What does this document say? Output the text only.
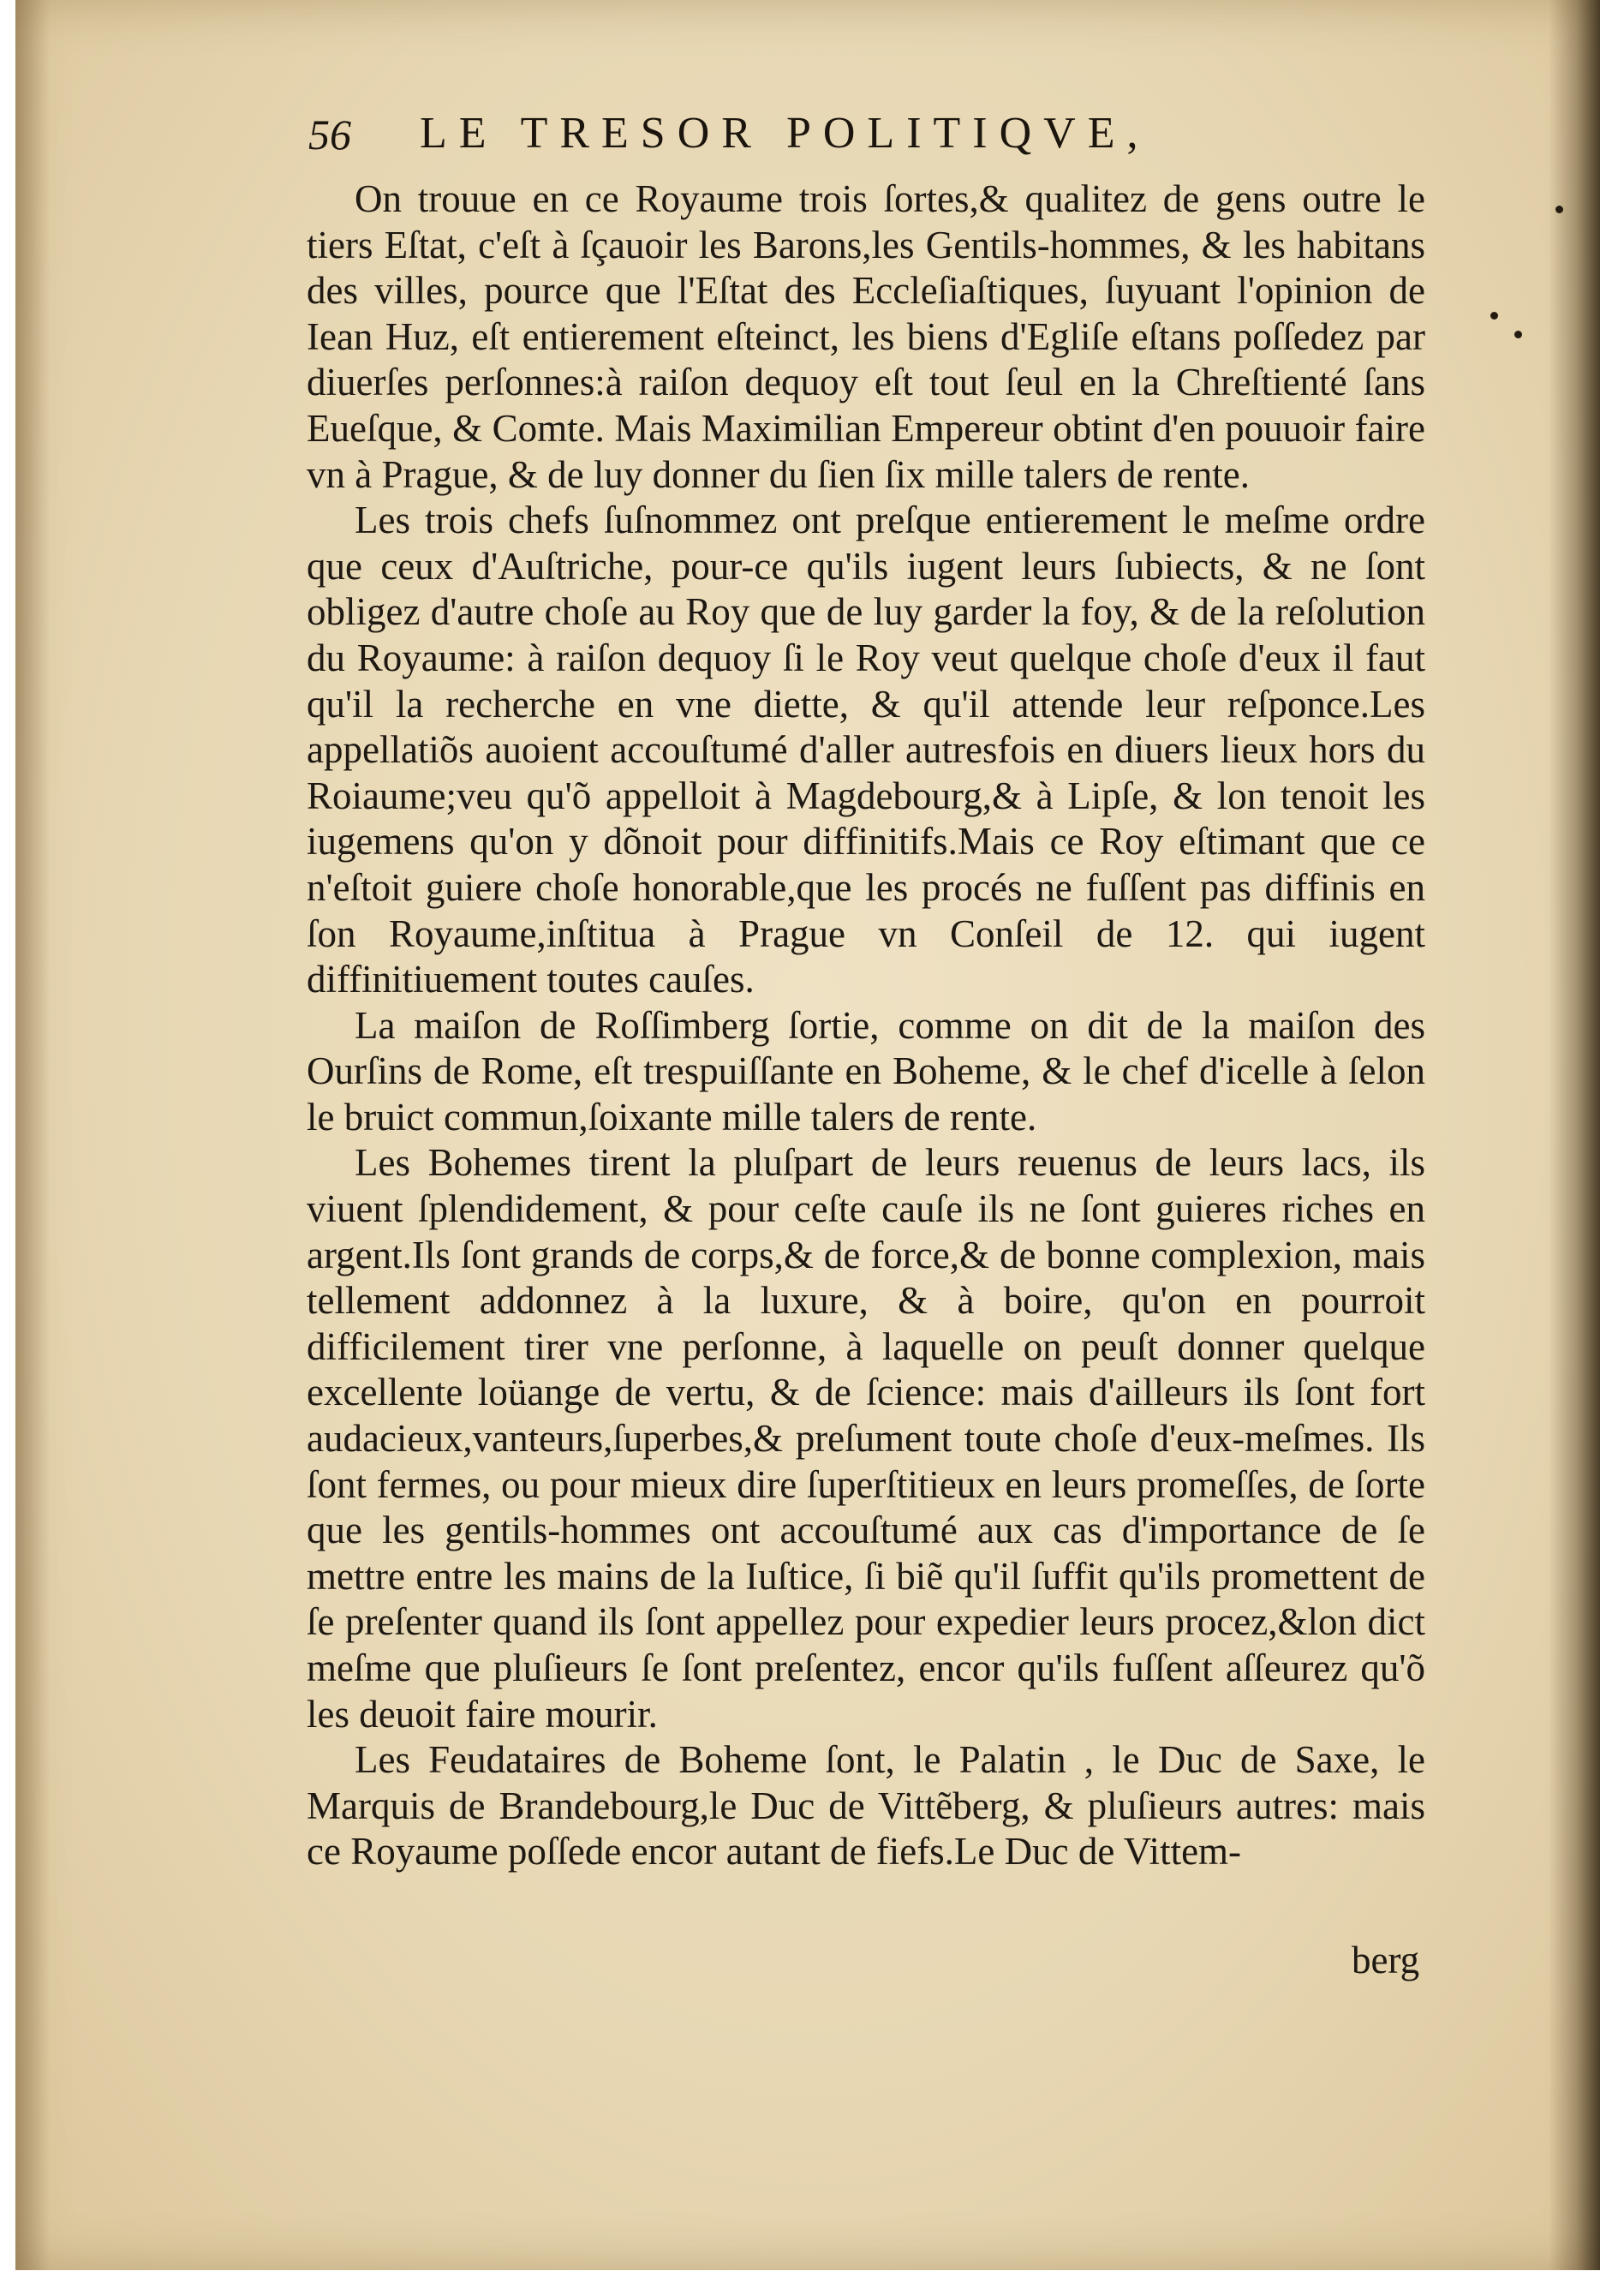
56 LE TRESOR POLITIQVE,

On trouue en ce Royaume trois ſortes,& qualitez de gens outre le tiers Eſtat, c'eſt à ſçauoir les Barons,les Gentils-hommes, & les habitans des villes, pource que l'Eſtat des Eccleſiaſtiques, ſuyuant l'opinion de Iean Huz, eſt entierement eſteinct, les biens d'Egliſe eſtans poſſedez par diuerſes perſonnes:à raiſon dequoy eſt tout ſeul en la Chreſtienté ſans Eueſque, & Comte. Mais Maximilian Empereur obtint d'en pouuoir faire vn à Prague, & de luy donner du ſien ſix mille talers de rente.

Les trois chefs ſuſnommez ont preſque entierement le meſme ordre que ceux d'Auſtriche, pour-ce qu'ils iugent leurs ſubiects, & ne ſont obligez d'autre choſe au Roy que de luy garder la foy, & de la reſolution du Royaume: à raiſon dequoy ſi le Roy veut quelque choſe d'eux il faut qu'il la recherche en vne diette, & qu'il attende leur reſponce.Les appellatiõs auoient accouſtumé d'aller autresfois en diuers lieux hors du Roiaume;veu qu'õ appelloit à Magdebourg,& à Lipſe, & lon tenoit les iugemens qu'on y dõnoit pour diffinitifs.Mais ce Roy eſtimant que ce n'eſtoit guiere choſe honorable,que les procés ne fuſſent pas diffinis en ſon Royaume,inſtitua à Prague vn Conſeil de 12. qui iugent diffinitiuement toutes cauſes.

La maiſon de Roſſimberg ſortie, comme on dit de la maiſon des Ourſins de Rome, eſt trespuiſſante en Boheme, & le chef d'icelle à ſelon le bruict commun,ſoixante mille talers de rente.

Les Bohemes tirent la pluſpart de leurs reuenus de leurs lacs, ils viuent ſplendidement, & pour ceſte cauſe ils ne ſont guieres riches en argent.Ils ſont grands de corps,& de force,& de bonne complexion, mais tellement addonnez à la luxure, & à boire, qu'on en pourroit difficilement tirer vne perſonne, à laquelle on peuſt donner quelque excellente loüange de vertu, & de ſcience: mais d'ailleurs ils ſont fort audacieux,vanteurs,ſuperbes,& preſument toute choſe d'eux-meſmes. Ils ſont fermes, ou pour mieux dire ſuperſtitieux en leurs promeſſes, de ſorte que les gentils-hommes ont accouſtumé aux cas d'importance de ſe mettre entre les mains de la Iuſtice, ſi biẽ qu'il ſuffit qu'ils promettent de ſe preſenter quand ils ſont appellez pour expedier leurs procez,&lon dict meſme que pluſieurs ſe ſont preſentez, encor qu'ils fuſſent aſſeurez qu'õ les deuoit faire mourir.

Les Feudataires de Boheme ſont, le Palatin , le Duc de Saxe, le Marquis de Brandebourg,le Duc de Vittẽberg, & pluſieurs autres: mais ce Royaume poſſede encor autant de fiefs.Le Duc de Vittem-

berg
